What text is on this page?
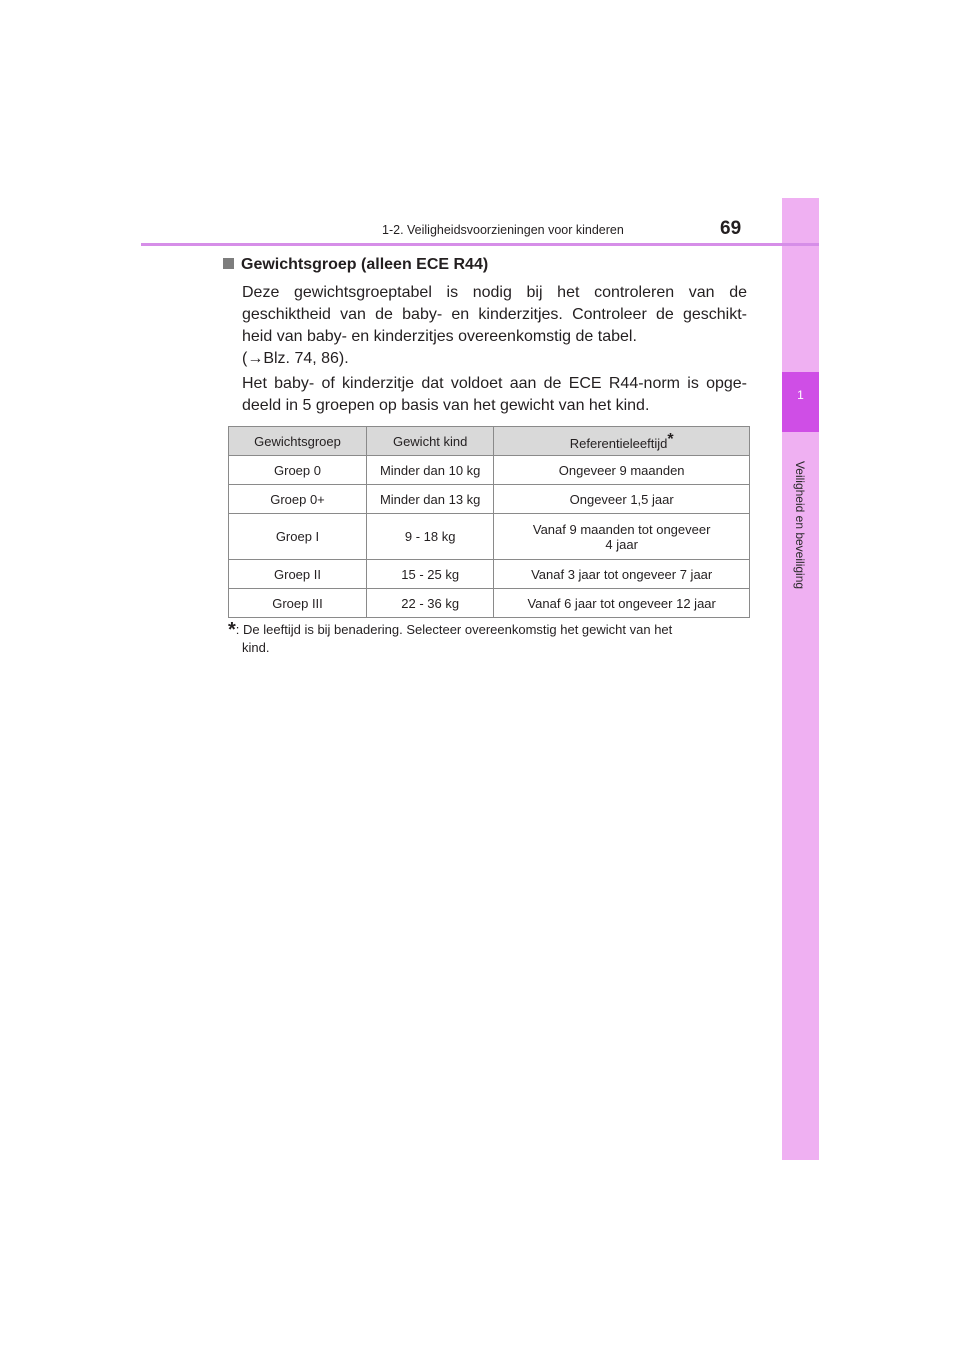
1
Veiligheid en beveiliging
1-2. Veiligheidsvoorzieningen voor kinderen	69
Gewichtsgroep (alleen ECE R44)
Deze gewichtsgroeptabel is nodig bij het controleren van de
geschiktheid van de baby- en kinderzitjes. Controleer de geschikt-
heid van baby- en kinderzitjes overeenkomstig de tabel.
(→Blz. 74, 86).
Het baby- of kinderzitje dat voldoet aan de ECE R44-norm is opge-
deeld in 5 groepen op basis van het gewicht van het kind.
Gewichtsgroep	Gewicht kind	Referentieleeftijd*
Groep 0	Minder dan 10 kg	Ongeveer 9 maanden
Groep 0+	Minder dan 13 kg	Ongeveer 1,5 jaar
Groep I	9 - 18 kg	Vanaf 9 maanden tot ongeveer
4 jaar

Groep II	15 - 25 kg	Vanaf 3 jaar tot ongeveer 7 jaar
Groep III	22 - 36 kg	Vanaf 6 jaar tot ongeveer 12 jaar
*: De leeftijd is bij benadering. Selecteer overeenkomstig het gewicht van het
kind.
